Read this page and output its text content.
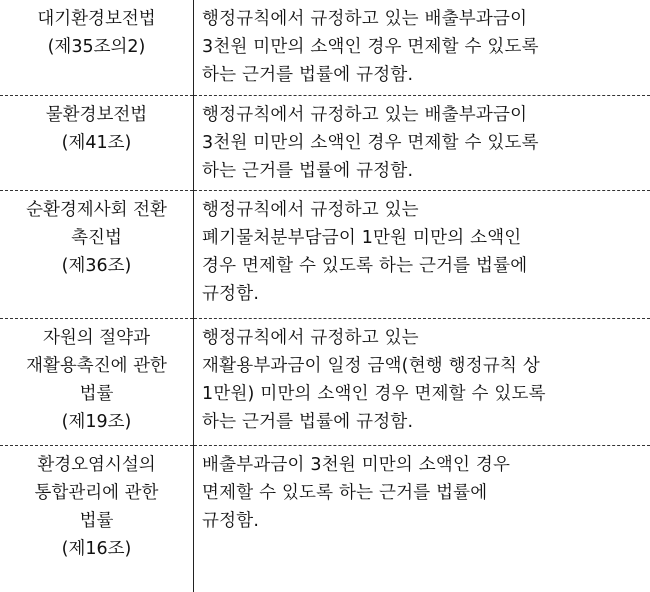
대기환경보전법
(제35조의2)	행정규칙에서 규정하고 있는 배출부과금이
3천원 미만의 소액인 경우 면제할 수 있도록
하는 근거를 법률에 규정함.
물환경보전법
(제41조)	행정규칙에서 규정하고 있는 배출부과금이
3천원 미만의 소액인 경우 면제할 수 있도록
하는 근거를 법률에 규정함.
순환경제사회 전환
촉진법
(제36조)	행정규칙에서 규정하고 있는
폐기물처분부담금이 1만원 미만의 소액인
경우 면제할 수 있도록 하는 근거를 법률에
규정함.
자원의 절약과
재활용촉진에 관한
법률
(제19조)	행정규칙에서 규정하고 있는
재활용부과금이 일정 금액(현행 행정규칙 상
1만원) 미만의 소액인 경우 면제할 수 있도록
하는 근거를 법률에 규정함.
환경오염시설의
통합관리에 관한
법률
(제16조)	배출부과금이 3천원 미만의 소액인 경우
면제할 수 있도록 하는 근거를 법률에
규정함.
